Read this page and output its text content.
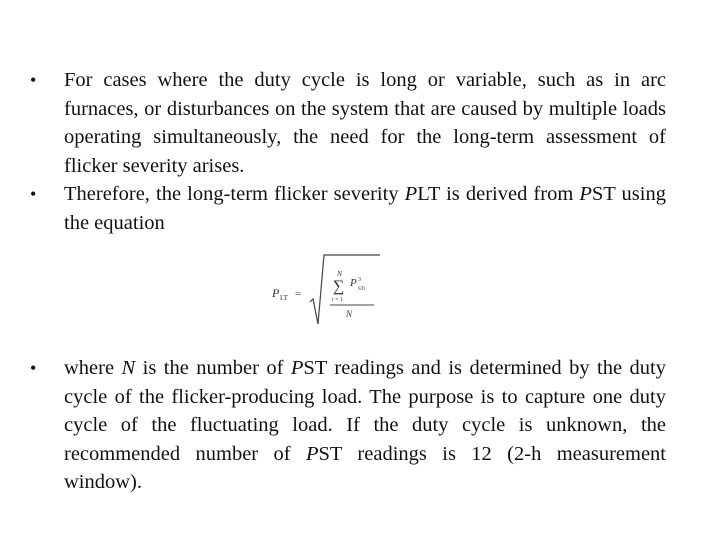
•	For cases where the duty cycle is long or variable, such as in arc furnaces, or disturbances on the system that are caused by multiple loads operating simultaneously, the need for the long-term assessment of flicker severity arises.
•	Therefore, the long-term flicker severity PLT is derived from PST using the equation
P LT =
N
∑
i = 1
P 3
STi
N
•	where N is the number of PST readings and is determined by the duty cycle of the flicker-producing load. The purpose is to capture one duty cycle of the fluctuating load. If the duty cycle is unknown, the recommended number of PST readings is 12 (2-h measurement window).
